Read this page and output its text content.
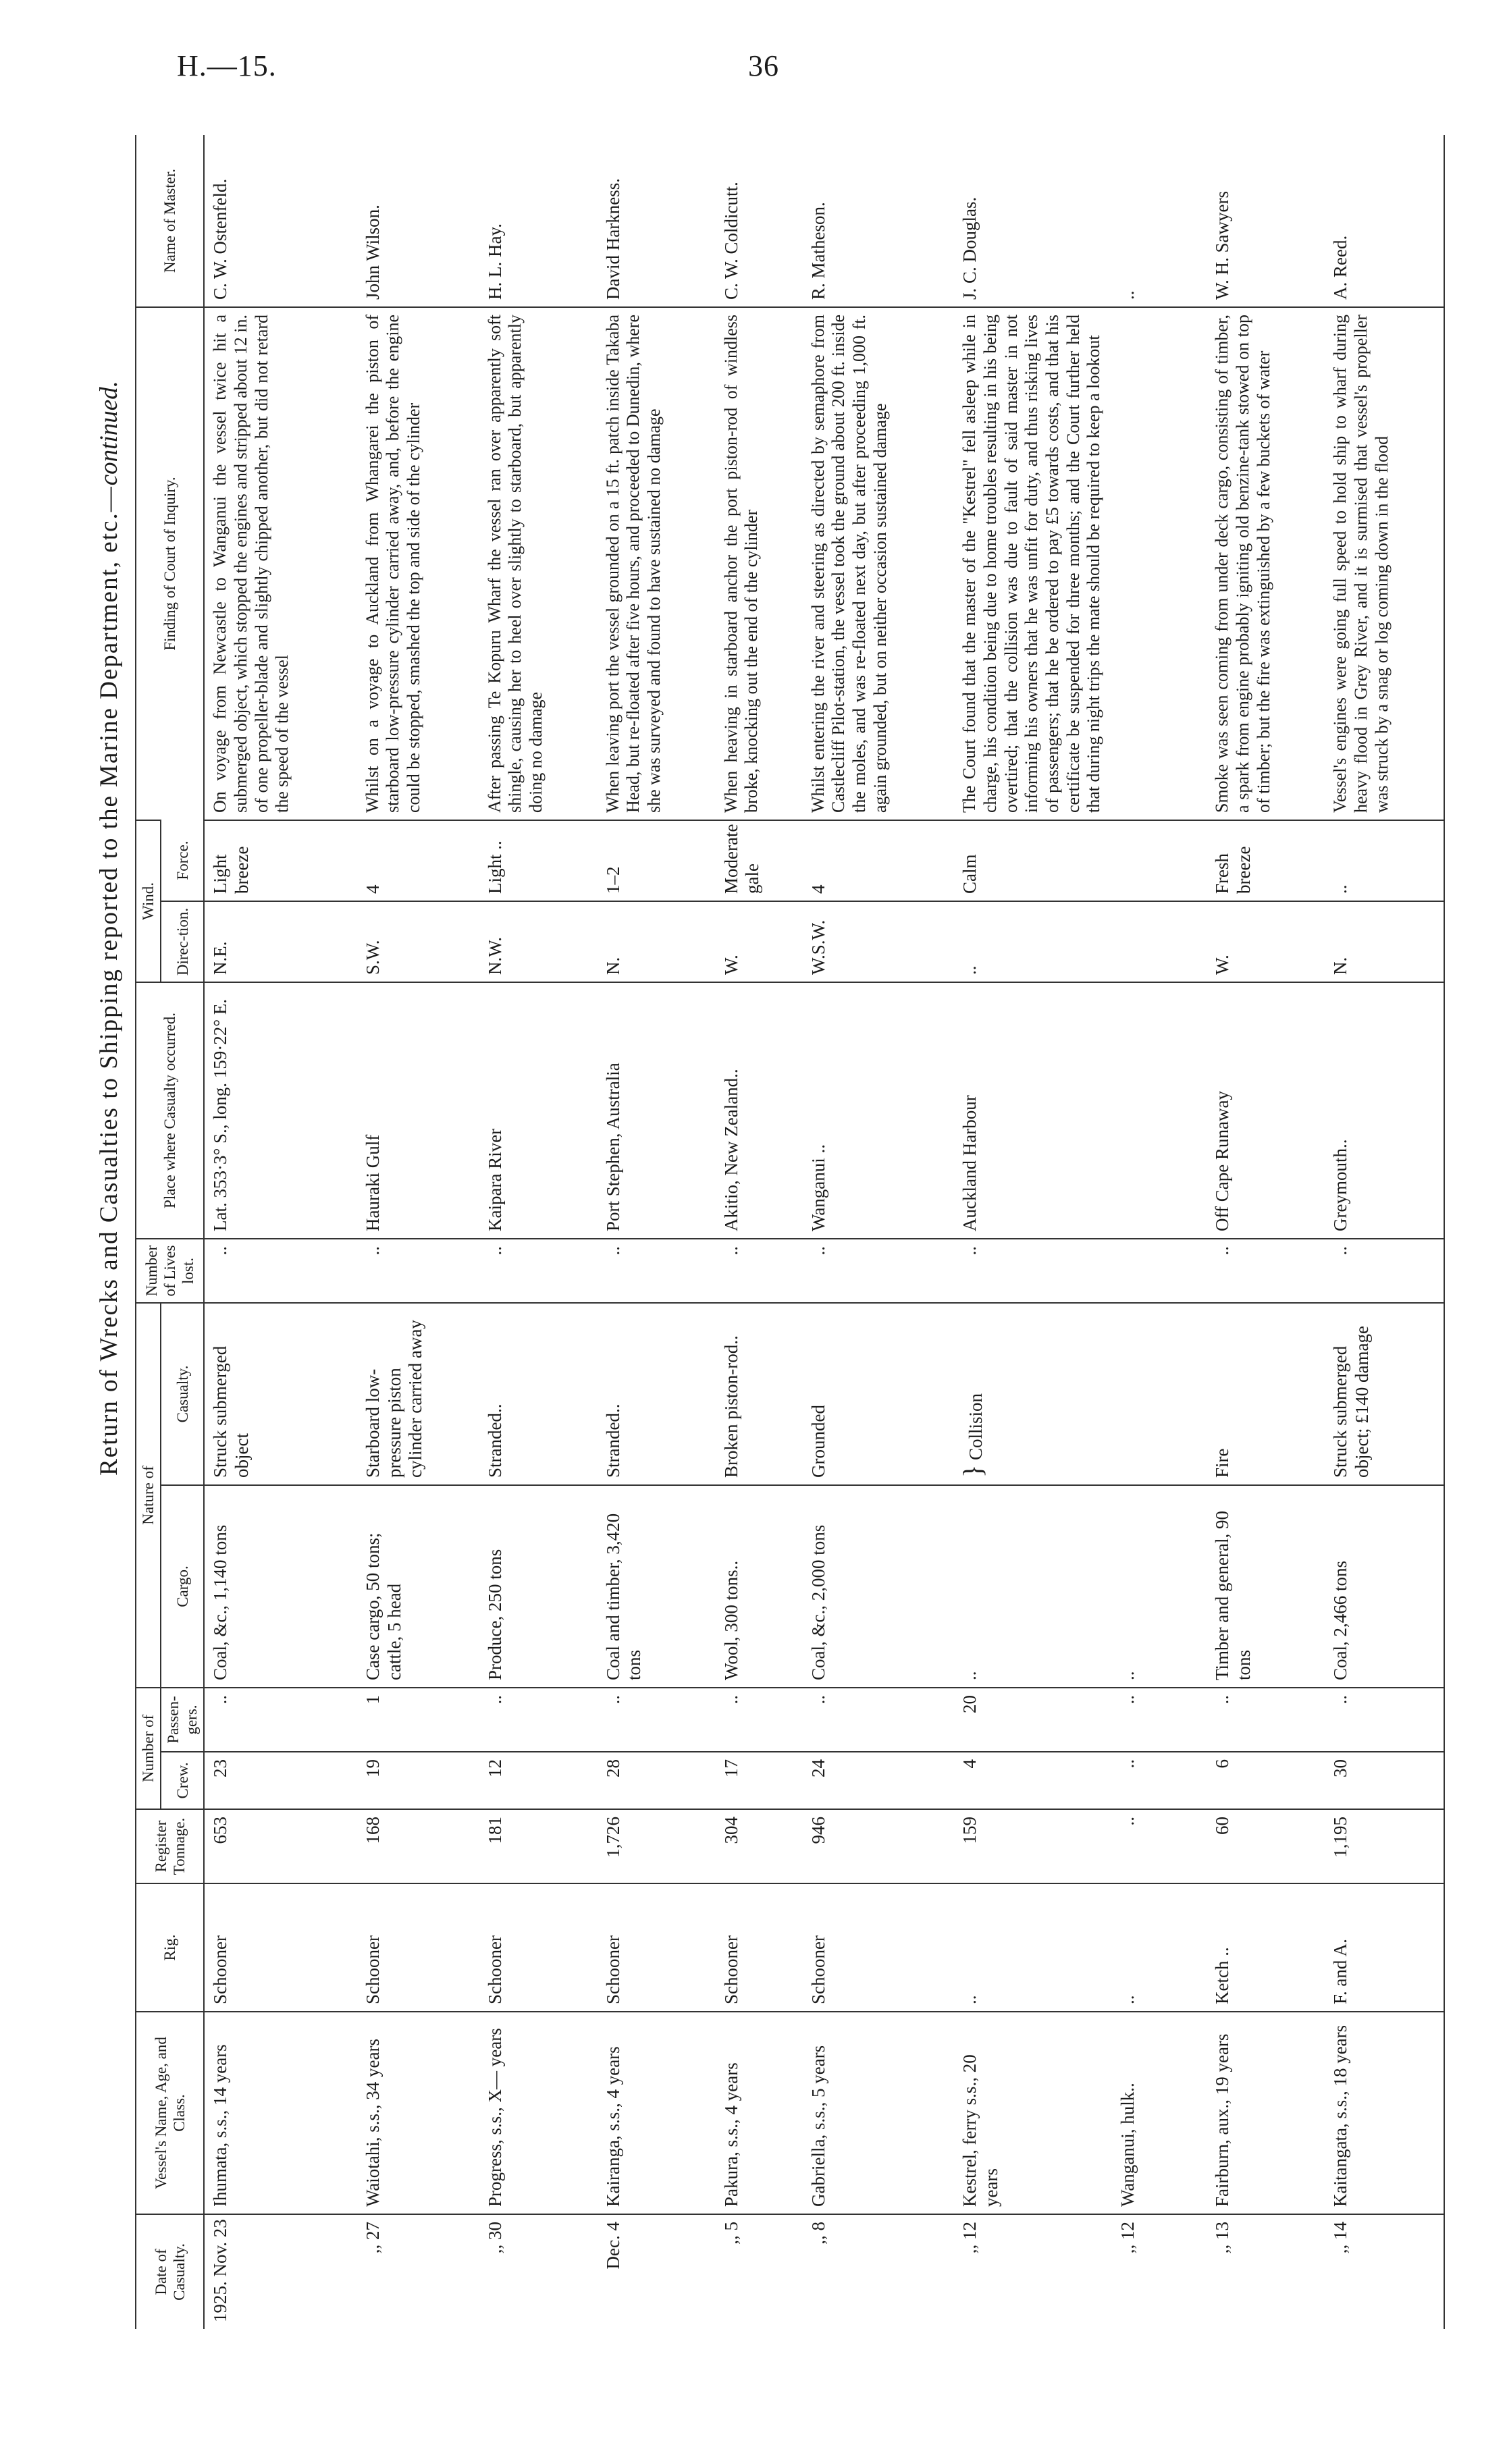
H.—15.	36
Return of Wrecks and Casualties to Shipping reported to the Marine Department, etc.—continued.
Date of Casualty.	Vessel's Name, Age, and Class.	Rig.	Register Tonnage.	Number of		Nature of		Number of Lives lost.	Place where Casualty occurred.	Wind.		Finding of Court of Inquiry.	Name of Master.
				Crew.	Passen-gers.	Cargo.	Casualty.			Direc-tion.	Force.		
1925. Nov. 23	Ihumata, s.s., 14 years	Schooner	653	23	..	Coal, &c., 1,140 tons	Struck submerged object	..	Lat. 353·3° S., long. 159·22° E.	N.E.	Light breeze	On voyage from Newcastle to Wanganui the vessel twice hit a submerged object, which stopped the engines and stripped about 12 in. of one propeller-blade and slightly chipped another, but did not retard the speed of the vessel	C. W. Ostenfeld.
,, 27	Waiotahi, s.s., 34 years	Schooner	168	19	1	Case cargo, 50 tons; cattle, 5 head	Starboard low-pressure piston cylinder carried away	..	Hauraki Gulf	S.W.	4	Whilst on a voyage to Auckland from Whangarei the piston of starboard low-pressure cylinder carried away, and, before the engine could be stopped, smashed the top and side of the cylinder	John Wilson.
,, 30	Progress, s.s., X— years	Schooner	181	12	..	Produce, 250 tons	Stranded..	..	Kaipara River	N.W.	Light ..	After passing Te Kopuru Wharf the vessel ran over apparently soft shingle, causing her to heel over slightly to starboard, but apparently doing no damage	H. L. Hay.
Dec. 4	Kairanga, s.s., 4 years	Schooner	1,726	28	..	Coal and timber, 3,420 tons	Stranded..	..	Port Stephen, Australia	N.	1–2	When leaving port the vessel grounded on a 15 ft. patch inside Takaba Head, but re-floated after five hours, and proceeded to Dunedin, where she was surveyed and found to have sustained no damage	David Harkness.
,, 5	Pakura, s.s., 4 years	Schooner	304	17	..	Wool, 300 tons..	Broken piston-rod..	..	Akitio, New Zealand..	W.	Moderate gale	When heaving in starboard anchor the port piston-rod of windless broke, knocking out the end of the cylinder	C. W. Coldicutt.
,, 8	Gabriella, s.s., 5 years	Schooner	946	24	..	Coal, &c., 2,000 tons	Grounded	..	Wanganui ..	W.S.W.	4	Whilst entering the river and steering as directed by semaphore from Castlecliff Pilot-station, the vessel took the ground about 200 ft. inside the moles, and was re-floated next day, but after proceeding 1,000 ft. again grounded, but on neither occasion sustained damage	R. Matheson.
,, 12	Kestrel, ferry s.s., 20 years	..	159	4	20	..	} Collision	..	Auckland Harbour	..	Calm	The Court found that the master of the "Kestrel" fell asleep while in charge, his condition being due to home troubles resulting in his being overtired; that the collision was due to fault of said master in not informing his owners that he was unfit for duty, and thus risking lives of passengers; that he be ordered to pay £5 towards costs, and that his certificate be suspended for three months; and the Court further held that during night trips the mate should be required to keep a lookout	J. C. Douglas.
,, 12	Wanganui, hulk..	..	..	..	..	..							..
,, 13	Fairburn, aux., 19 years	Ketch ..	60	6	..	Timber and general, 90 tons	Fire	..	Off Cape Runaway	W.	Fresh breeze	Smoke was seen coming from under deck cargo, consisting of timber, a spark from engine probably igniting old benzine-tank stowed on top of timber; but the fire was extinguished by a few buckets of water	W. H. Sawyers
,, 14	Kaitangata, s.s., 18 years	F. and A.	1,195	30	..	Coal, 2,466 tons	Struck submerged object; £140 damage	..	Greymouth..	N.	..	Vessel's engines were going full speed to hold ship to wharf during heavy flood in Grey River, and it is surmised that vessel's propeller was struck by a snag or log coming down in the flood	A. Reed.
